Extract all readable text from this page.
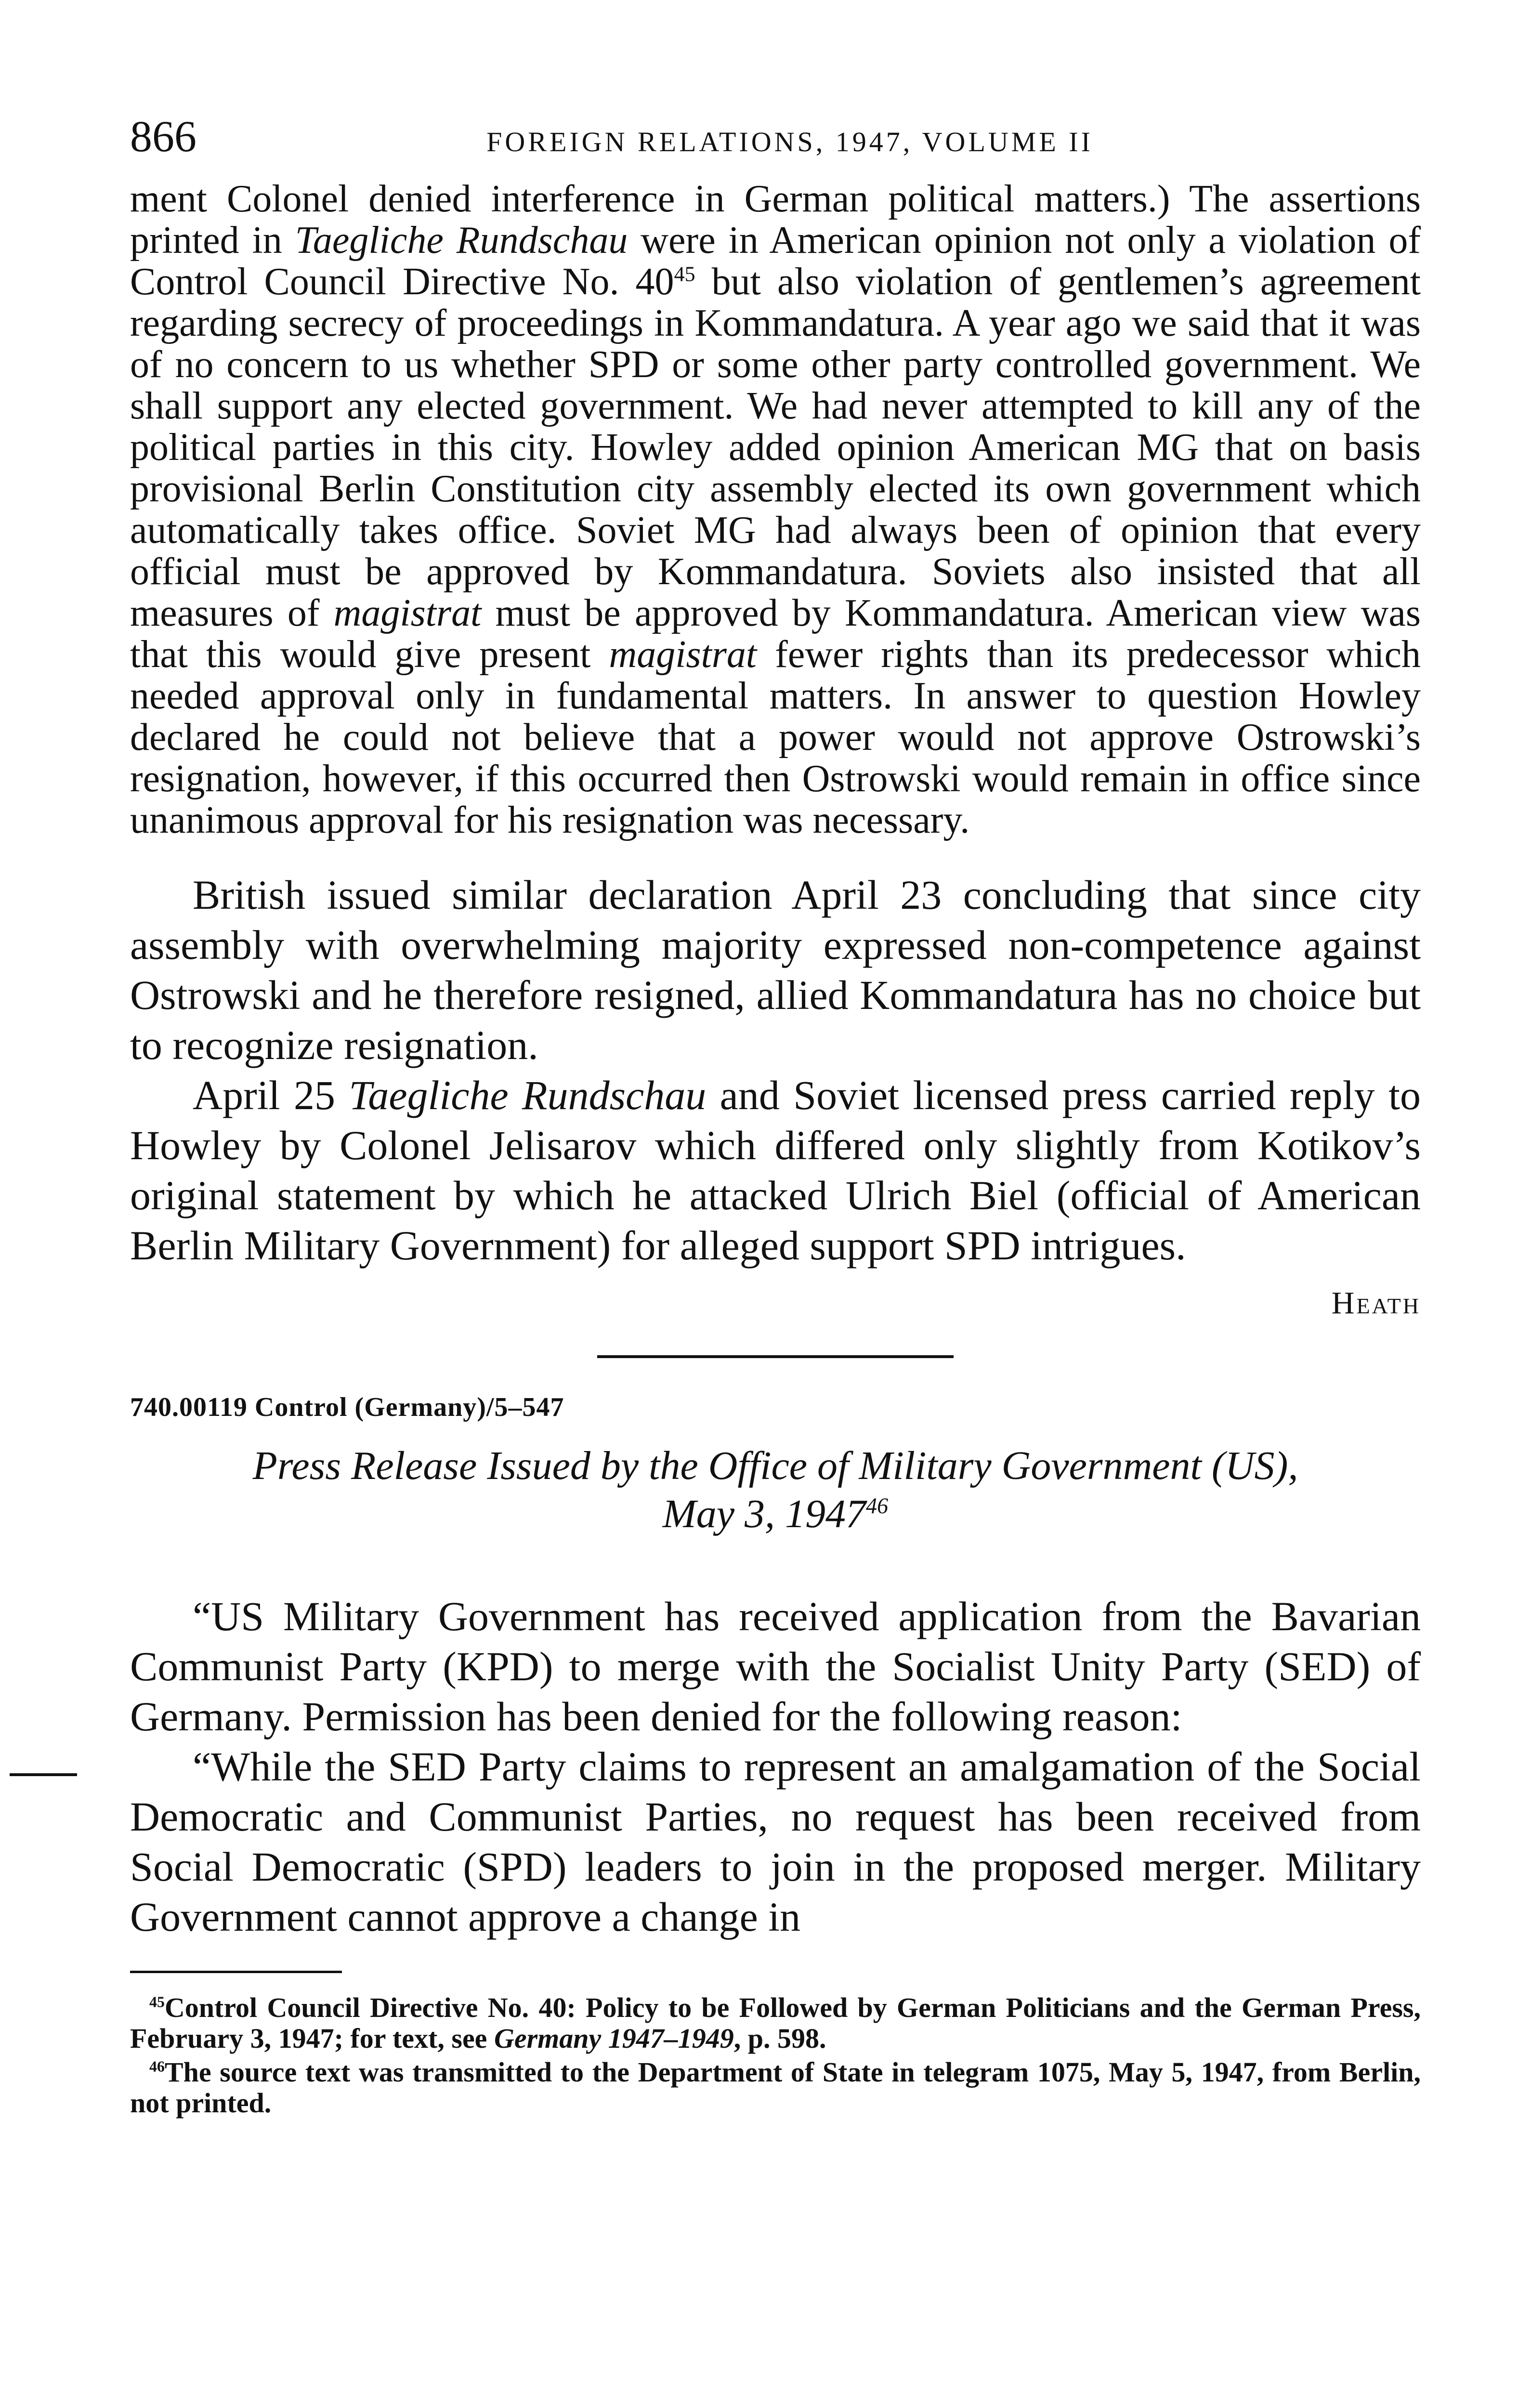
866	FOREIGN RELATIONS, 1947, VOLUME II

ment Colonel denied interference in German political matters.) The assertions printed in Taegliche Rundschau were in American opinion not only a violation of Control Council Directive No. $40^{45}$ but also violation of gentlemen’s agreement regarding secrecy of proceedings in Kommandatura. A year ago we said that it was of no concern to us whether SPD or some other party controlled government. We shall support any elected government. We had never attempted to kill any of the political parties in this city. Howley added opinion American MG that on basis provisional Berlin Constitution city assembly elected its own government which automatically takes office. Soviet MG had always been of opinion that every official must be approved by Kommandatura. Soviets also insisted that all measures of magistrat must be approved by Kommandatura. American view was that this would give present magistrat fewer rights than its predecessor which needed approval only in fundamental matters. In answer to question Howley declared he could not believe that a power would not approve Ostrowski’s resignation, however, if this occurred then Ostrowski would remain in office since unanimous approval for his resignation was necessary.

British issued similar declaration April 23 concluding that since city assembly with overwhelming majority expressed non-competence against Ostrowski and he therefore resigned, allied Kommandatura has no choice but to recognize resignation.

April 25 Taegliche Rundschau and Soviet licensed press carried reply to Howley by Colonel Jelisarov which differed only slightly from Kotikov’s original statement by which he attacked Ulrich Biel (official of American Berlin Military Government) for alleged support SPD intrigues.

Heath
740.00119 Control (Germany)/5–547

Press Release Issued by the Office of Military Government (US),
May 3, 1947$^{46}$

“US Military Government has received application from the Bavarian Communist Party (KPD) to merge with the Socialist Unity Party (SED) of Germany. Permission has been denied for the following reason:

“While the SED Party claims to represent an amalgamation of the Social Democratic and Communist Parties, no request has been received from Social Democratic (SPD) leaders to join in the proposed merger. Military Government cannot approve a change in

$^{45}$Control Council Directive No. 40: Policy to be Followed by German Politicians and the German Press, February 3, 1947; for text, see Germany 1947–1949, p. 598.

$^{46}$The source text was transmitted to the Department of State in telegram 1075, May 5, 1947, from Berlin, not printed.
